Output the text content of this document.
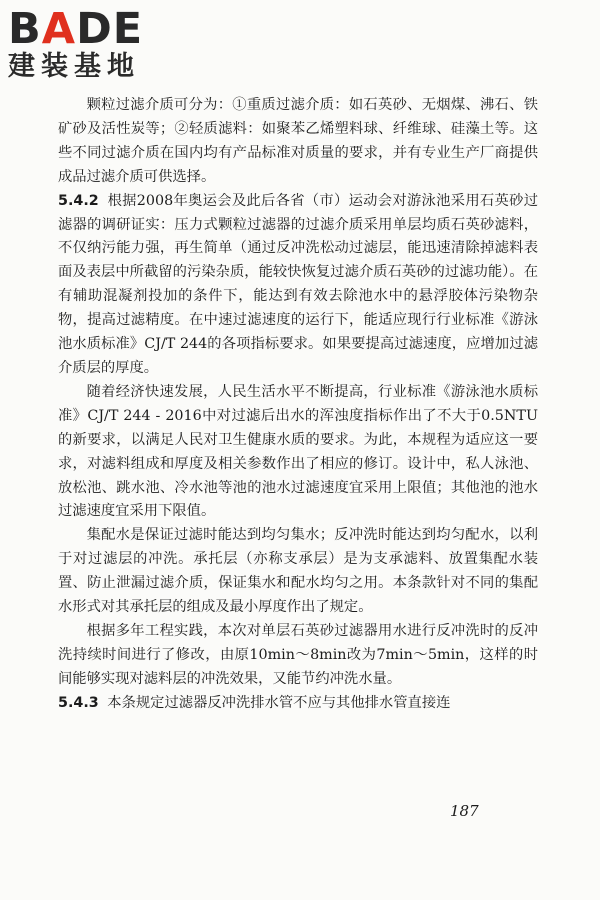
BADE
建装基地

颗粒过滤介质可分为：①重质过滤介质：如石英砂、无烟煤、沸石、铁矿砂及活性炭等；②轻质滤料：如聚苯乙烯塑料球、纤维球、硅藻土等。这些不同过滤介质在国内均有产品标准对质量的要求，并有专业生产厂商提供成品过滤介质可供选择。

5.4.2 根据2008年奥运会及此后各省（市）运动会对游泳池采用石英砂过滤器的调研证实：压力式颗粒过滤器的过滤介质采用单层均质石英砂滤料，不仅纳污能力强，再生简单（通过反冲洗松动过滤层，能迅速清除掉滤料表面及表层中所截留的污染杂质，能较快恢复过滤介质石英砂的过滤功能）。在有辅助混凝剂投加的条件下，能达到有效去除池水中的悬浮胶体污染物杂物，提高过滤精度。在中速过滤速度的运行下，能适应现行行业标准《游泳池水质标准》CJ/T 244的各项指标要求。如果要提高过滤速度，应增加过滤介质层的厚度。

随着经济快速发展，人民生活水平不断提高，行业标准《游泳池水质标准》CJ/T 244 - 2016中对过滤后出水的浑浊度指标作出了不大于0.5NTU的新要求，以满足人民对卫生健康水质的要求。为此，本规程为适应这一要求，对滤料组成和厚度及相关参数作出了相应的修订。设计中，私人泳池、放松池、跳水池、冷水池等池的池水过滤速度宜采用上限值；其他池的池水过滤速度宜采用下限值。

集配水是保证过滤时能达到均匀集水；反冲洗时能达到均匀配水，以利于对过滤层的冲洗。承托层（亦称支承层）是为支承滤料、放置集配水装置、防止泄漏过滤介质，保证集水和配水均匀之用。本条款针对不同的集配水形式对其承托层的组成及最小厚度作出了规定。

根据多年工程实践，本次对单层石英砂过滤器用水进行反冲洗时的反冲洗持续时间进行了修改，由原10min～8min改为7min～5min，这样的时间能够实现对滤料层的冲洗效果，又能节约冲洗水量。

5.4.3 本条规定过滤器反冲洗排水管不应与其他排水管直接连

187
